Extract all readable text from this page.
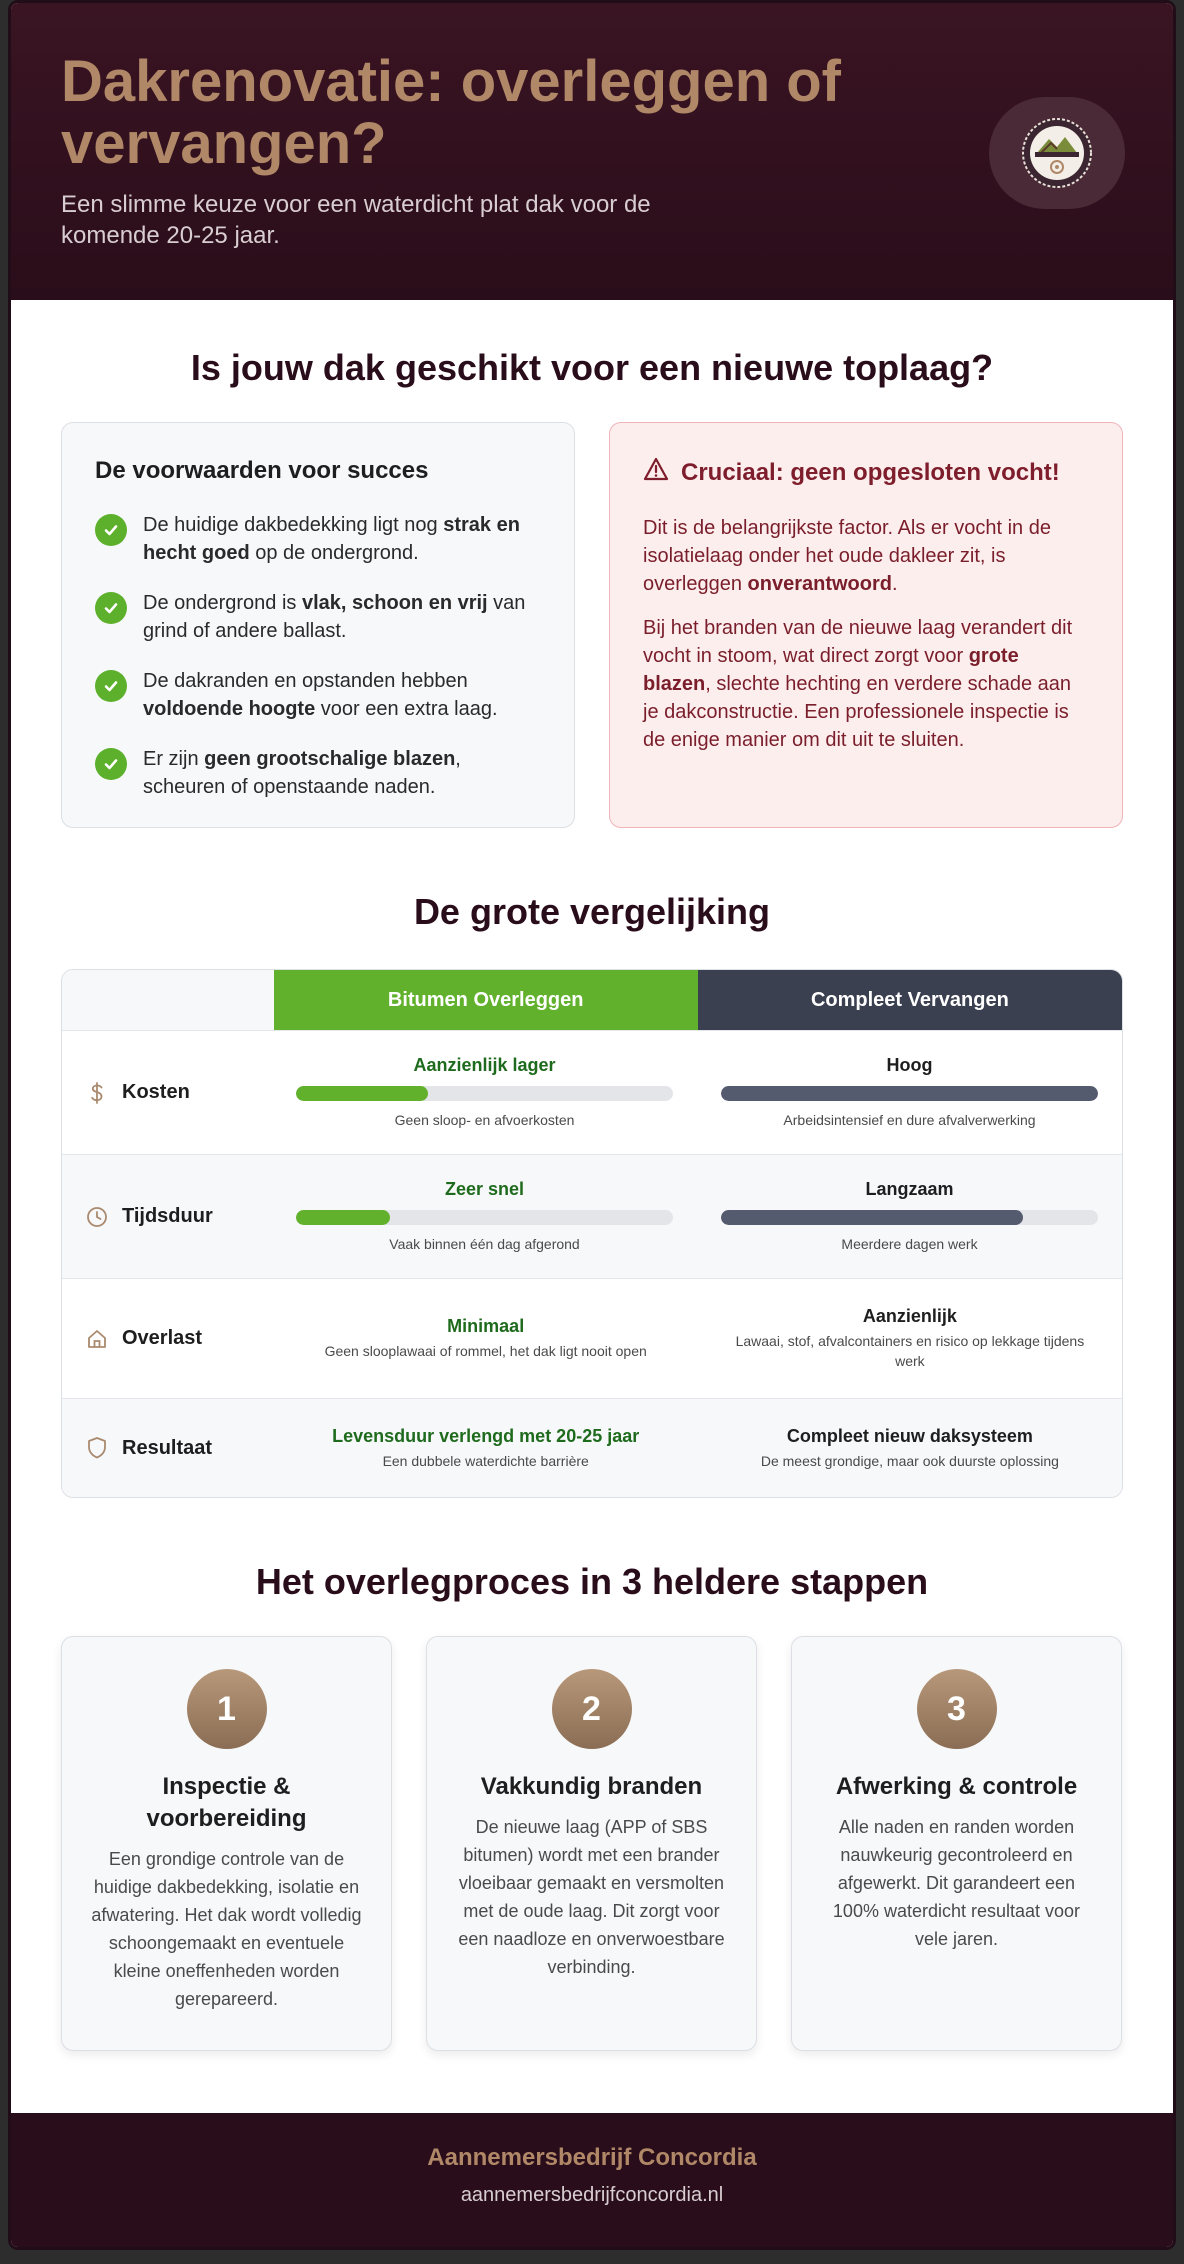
Dakrenovatie: overleggen of vervangen?

Een slimme keuze voor een waterdicht plat dak voor de komende 20-25 jaar.

Is jouw dak geschikt voor een nieuwe toplaag?
De voorwaarden voor succes
De huidige dakbedekking ligt nog strak en hecht goed op de ondergrond.
De ondergrond is vlak, schoon en vrij van grind of andere ballast.
De dakranden en opstanden hebben voldoende hoogte voor een extra laag.
Er zijn geen grootschalige blazen, scheuren of openstaande naden.
Cruciaal: geen opgesloten vocht!

Dit is de belangrijkste factor. Als er vocht in de isolatielaag onder het oude dakleer zit, is overleggen onverantwoord.

Bij het branden van de nieuwe laag verandert dit vocht in stoom, wat direct zorgt voor grote blazen, slechte hechting en verdere schade aan je dakconstructie. Een professionele inspectie is de enige manier om dit uit te sluiten.

De grote vergelijking
Bitumen Overleggen	Compleet Vervangen
Kosten
Aanzienlijk lager
Geen sloop- en afvoerkosten
Hoog
Arbeidsintensief en dure afvalverwerking
Tijdsduur
Zeer snel
Vaak binnen één dag afgerond
Langzaam
Meerdere dagen werk
Overlast
Minimaal
Geen slooplawaai of rommel, het dak ligt nooit open
Aanzienlijk
Lawaai, stof, afvalcontainers en risico op lekkage tijdens werk
Resultaat
Levensduur verlengd met 20-25 jaar
Een dubbele waterdichte barrière
Compleet nieuw daksysteem
De meest grondige, maar ook duurste oplossing
Het overlegproces in 3 heldere stappen
1
Inspectie & voorbereiding

Een grondige controle van de huidige dakbedekking, isolatie en afwatering. Het dak wordt volledig schoongemaakt en eventuele kleine oneffenheden worden gerepareerd.

2
Vakkundig branden

De nieuwe laag (APP of SBS bitumen) wordt met een brander vloeibaar gemaakt en versmolten met de oude laag. Dit zorgt voor een naadloze en onverwoestbare verbinding.

3
Afwerking & controle

Alle naden en randen worden nauwkeurig gecontroleerd en afgewerkt. Dit garandeert een 100% waterdicht resultaat voor vele jaren.

Aannemersbedrijf Concordia
aannemersbedrijfconcordia.nl
